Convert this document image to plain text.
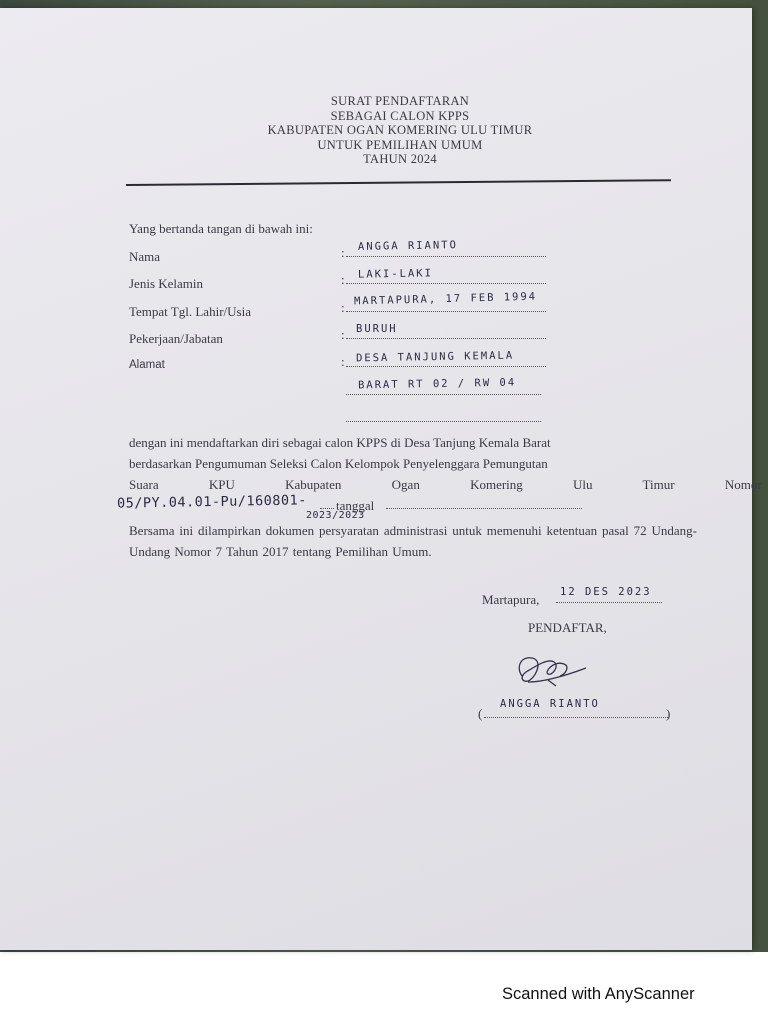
SURAT PENDAFTARAN
SEBAGAI CALON KPPS
KABUPATEN OGAN KOMERING ULU TIMUR
UNTUK PEMILIHAN UMUM
TAHUN 2024
Yang bertanda tangan di bawah ini:
Nama	: ANGGA RIANTO
Jenis Kelamin	: LAKI-LAKI
Tempat Tgl. Lahir/Usia	:
MARTAPURA, 17 FEB 1994
Pekerjaan/Jabatan	: BURUH
Alamat	: DESA TANJUNG KEMALA
BARAT RT 02 / RW 04
dengan ini mendaftarkan diri sebagai calon KPPS di Desa Tanjung Kemala Barat
berdasarkan Pengumuman Seleksi Calon Kelompok Penyelenggara Pemungutan
Suara KPU Kabupaten Ogan Komering Ulu Timur Nomor
05/PY.04.01-Pu/160801-
2023/2023
tanggal
Bersama ini dilampirkan dokumen persyaratan administrasi untuk memenuhi ketentuan pasal 72 Undang-Undang Nomor 7 Tahun 2017 tentang Pemilihan Umum.
Martapura, 12 DES 2023
PENDAFTAR,
(
ANGGA RIANTO
)
Scanned with AnyScanner
